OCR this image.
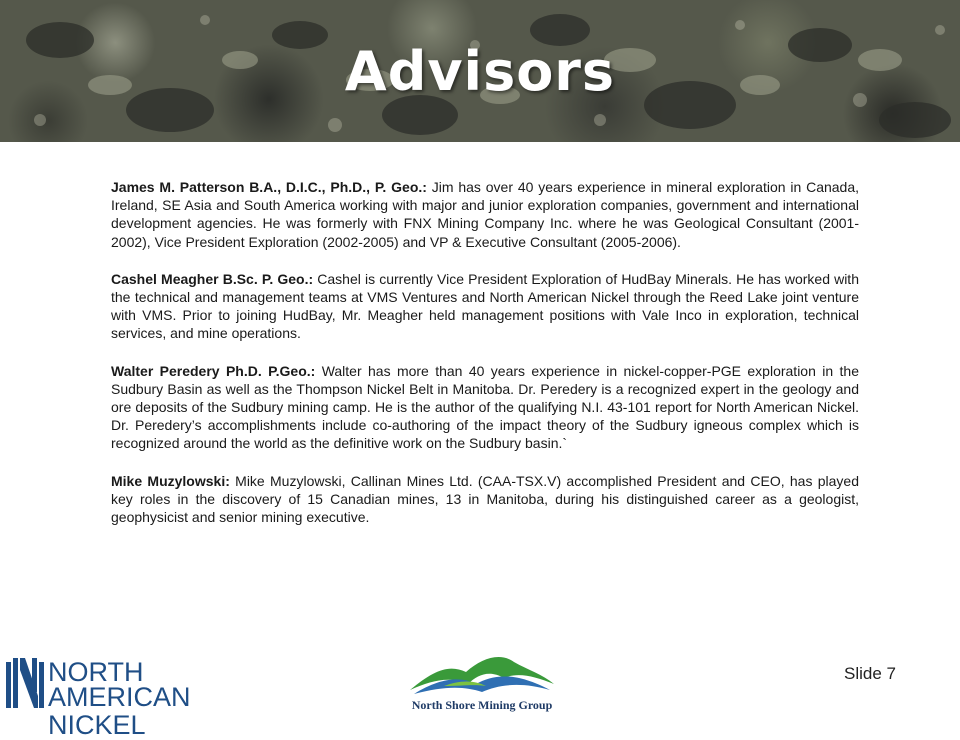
Advisors

James M. Patterson B.A., D.I.C., Ph.D., P. Geo.: Jim has over 40 years experience in mineral exploration in Canada, Ireland, SE Asia and South America working with major and junior exploration companies, government and international development agencies. He was formerly with FNX Mining Company Inc. where he was Geological Consultant (2001-2002), Vice President Exploration (2002-2005) and VP & Executive Consultant (2005-2006).

Cashel Meagher B.Sc. P. Geo.: Cashel is currently Vice President Exploration of HudBay Minerals. He has worked with the technical and management teams at VMS Ventures and North American Nickel through the Reed Lake joint venture with VMS. Prior to joining HudBay, Mr. Meagher held management positions with Vale Inco in exploration, technical services, and mine operations.

Walter Peredery Ph.D. P.Geo.: Walter has more than 40 years experience in nickel-copper-PGE exploration in the Sudbury Basin as well as the Thompson Nickel Belt in Manitoba. Dr. Peredery is a recognized expert in the geology and ore deposits of the Sudbury mining camp. He is the author of the qualifying N.I. 43-101 report for North American Nickel. Dr. Peredery’s accomplishments include co-authoring of the impact theory of the Sudbury igneous complex which is recognized around the world as the definitive work on the Sudbury basin.`

Mike Muzylowski: Mike Muzylowski, Callinan Mines Ltd. (CAA-TSX.V) accomplished President and CEO, has played key roles in the discovery of 15 Canadian mines, 13 in Manitoba, during his distinguished career as a geologist, geophysicist and senior mining executive.

NORTH
AMERICAN NICKEL
North Shore Mining Group
Slide 7
